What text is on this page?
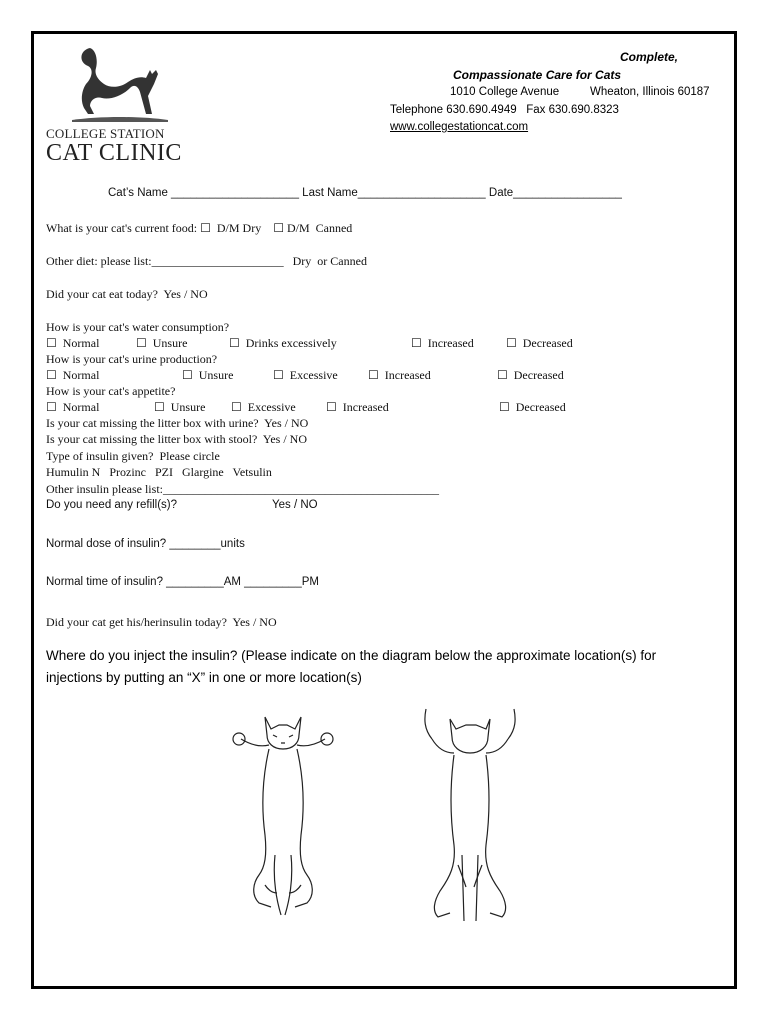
COLLEGE STATION
CAT CLINIC
Complete,
Compassionate Care for Cats
1010 College Avenue	Wheaton, Illinois 60187
Telephone 630.690.4949   Fax 630.690.8323
www.collegestationcat.com
Cat’s Name ____________________ Last Name____________________ Date_________________
What is your cat's current food: ☐  D/M Dry    ☐ D/M  Canned
Other diet: please list:______________________   Dry  or Canned
Did your cat eat today?  Yes / NO
How is your cat's water consumption?
☐  Normal	☐  Unsure	☐  Drinks excessively	☐  Increased	☐  Decreased
How is your cat's urine production?
☐  Normal	☐  Unsure	☐  Excessive	☐  Increased	☐  Decreased
How is your cat's appetite?
☐  Normal	☐  Unsure ☐  Excessive	☐  Increased	☐  Decreased
Is your cat missing the litter box with urine?  Yes / NO
Is your cat missing the litter box with stool?  Yes / NO
Type of insulin given?  Please circle
Humulin N   Prozinc   PZI   Glargine   Vetsulin
Other insulin please list:______________________________________________
Do you need any refill(s)?	Yes / NO
Normal dose of insulin? ________units
Normal time of insulin? _________AM _________PM
Did your cat get his/herinsulin today?  Yes / NO
Where do you inject the insulin? (Please indicate on the diagram below the approximate location(s) for
injections by putting an “X” in one or more location(s)
